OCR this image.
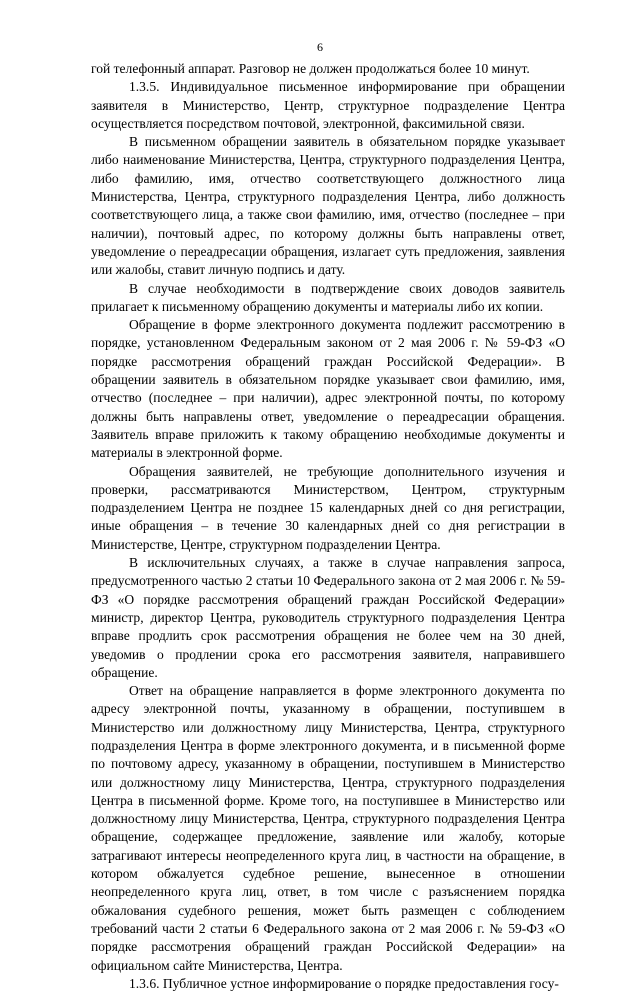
6

гой телефонный аппарат. Разговор не должен продолжаться более 10 минут.

1.3.5. Индивидуальное письменное информирование при обращении заявителя в Министерство, Центр, структурное подразделение Центра осуществляется посредством почтовой, электронной, факсимильной связи.

В письменном обращении заявитель в обязательном порядке указывает либо наименование Министерства, Центра, структурного подразделения Центра, либо фамилию, имя, отчество соответствующего должностного лица Министерства, Центра, структурного подразделения Центра, либо должность соответствующего лица, а также свои фамилию, имя, отчество (последнее – при наличии), почтовый адрес, по которому должны быть направлены ответ, уведомление о переадресации обращения, излагает суть предложения, заявления или жалобы, ставит личную подпись и дату.

В случае необходимости в подтверждение своих доводов заявитель прилагает к письменному обращению документы и материалы либо их копии.

Обращение в форме электронного документа подлежит рассмотрению в порядке, установленном Федеральным законом от 2 мая 2006 г. № 59-ФЗ «О порядке рассмотрения обращений граждан Российской Федерации». В обращении заявитель в обязательном порядке указывает свои фамилию, имя, отчество (последнее – при наличии), адрес электронной почты, по которому должны быть направлены ответ, уведомление о переадресации обращения. Заявитель вправе приложить к такому обращению необходимые документы и материалы в электронной форме.

Обращения заявителей, не требующие дополнительного изучения и проверки, рассматриваются Министерством, Центром, структурным подразделением Центра не позднее 15 календарных дней со дня регистрации, иные обращения – в течение 30 календарных дней со дня регистрации в Министерстве, Центре, структурном подразделении Центра.

В исключительных случаях, а также в случае направления запроса, предусмотренного частью 2 статьи 10 Федерального закона от 2 мая 2006 г. № 59-ФЗ «О порядке рассмотрения обращений граждан Российской Федерации» министр, директор Центра, руководитель структурного подразделения Центра вправе продлить срок рассмотрения обращения не более чем на 30 дней, уведомив о продлении срока его рассмотрения заявителя, направившего обращение.

Ответ на обращение направляется в форме электронного документа по адресу электронной почты, указанному в обращении, поступившем в Министерство или должностному лицу Министерства, Центра, структурного подразделения Центра в форме электронного документа, и в письменной форме по почтовому адресу, указанному в обращении, поступившем в Министерство или должностному лицу Министерства, Центра, структурного подразделения Центра в письменной форме. Кроме того, на поступившее в Министерство или должностному лицу Министерства, Центра, структурного подразделения Центра обращение, содержащее предложение, заявление или жалобу, которые затрагивают интересы неопределенного круга лиц, в частности на обращение, в котором обжалуется судебное решение, вынесенное в отношении неопределенного круга лиц, ответ, в том числе с разъяснением порядка обжалования судебного решения, может быть размещен с соблюдением требований части 2 статьи 6 Федерального закона от 2 мая 2006 г. № 59-ФЗ «О порядке рассмотрения обращений граждан Российской Федерации» на официальном сайте Министерства, Центра.

1.3.6. Публичное устное информирование о порядке предоставления госу-
